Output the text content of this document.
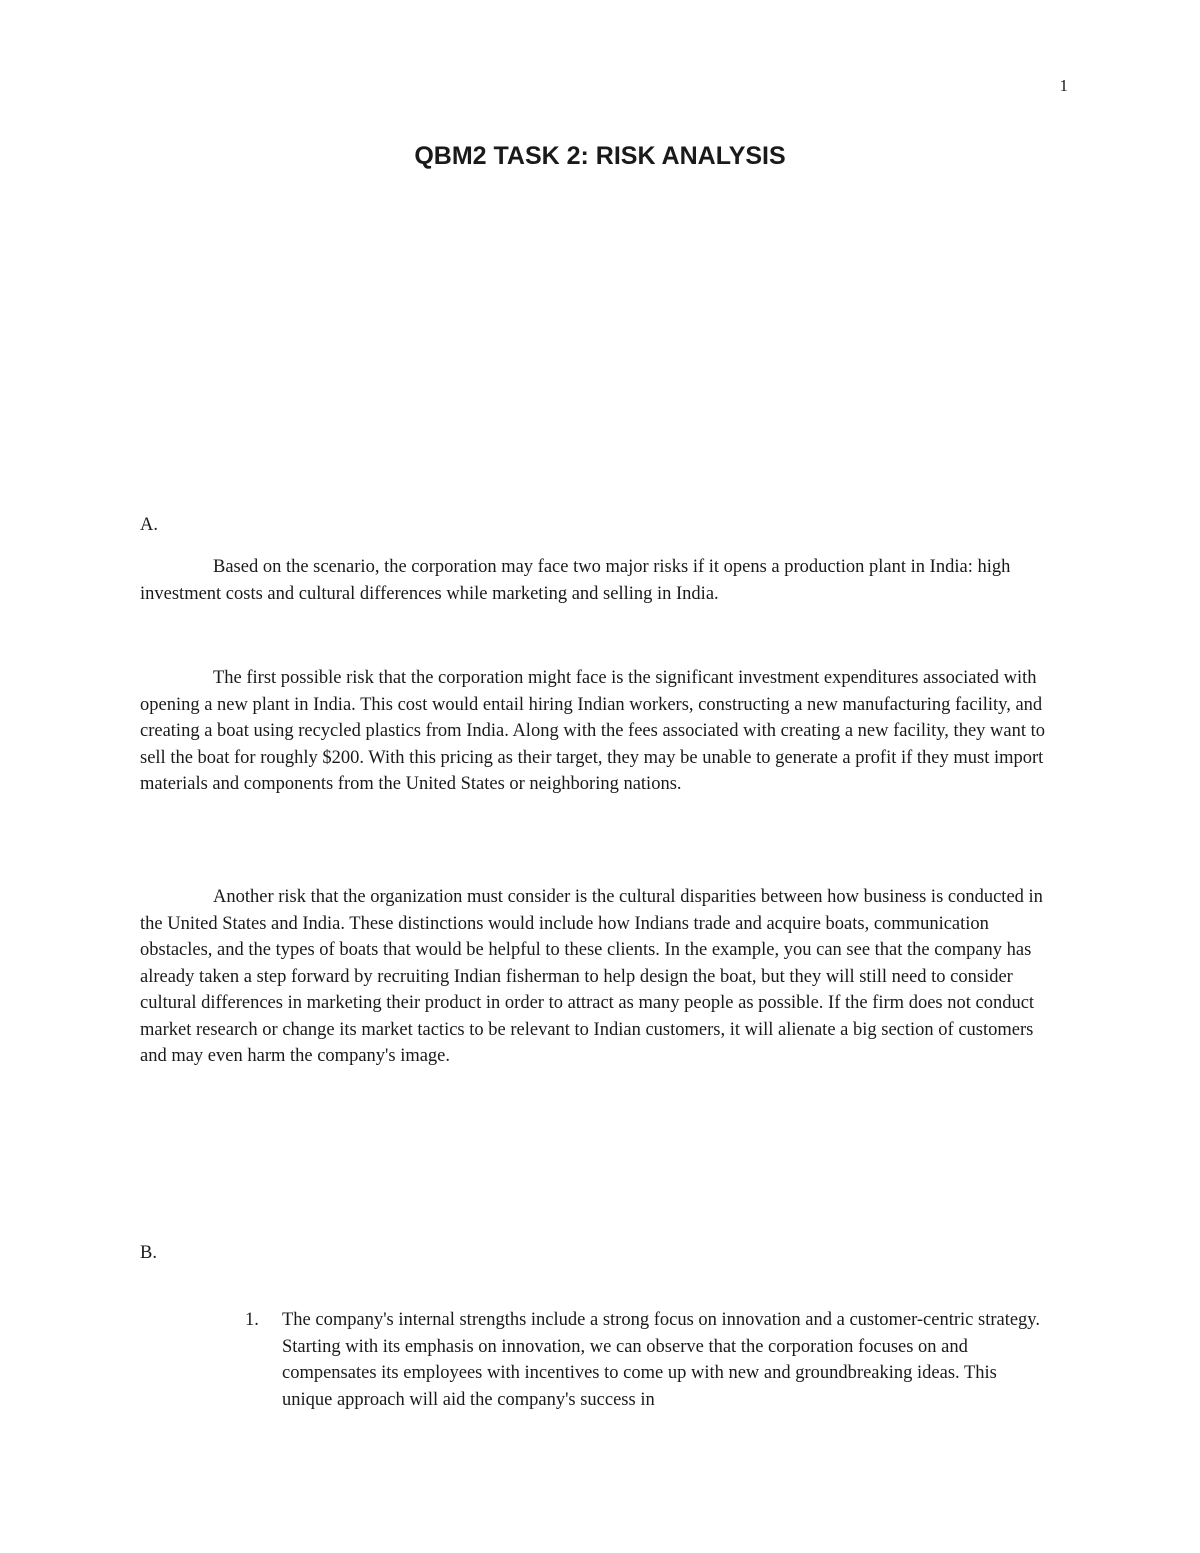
1
QBM2 TASK 2: RISK ANALYSIS

A.

Based on the scenario, the corporation may face two major risks if it opens a production plant in India: high investment costs and cultural differences while marketing and selling in India.

The first possible risk that the corporation might face is the significant investment expenditures associated with opening a new plant in India. This cost would entail hiring Indian workers, constructing a new manufacturing facility, and creating a boat using recycled plastics from India. Along with the fees associated with creating a new facility, they want to sell the boat for roughly $200. With this pricing as their target, they may be unable to generate a profit if they must import materials and components from the United States or neighboring nations.

Another risk that the organization must consider is the cultural disparities between how business is conducted in the United States and India. These distinctions would include how Indians trade and acquire boats, communication obstacles, and the types of boats that would be helpful to these clients. In the example, you can see that the company has already taken a step forward by recruiting Indian fisherman to help design the boat, but they will still need to consider cultural differences in marketing their product in order to attract as many people as possible. If the firm does not conduct market research or change its market tactics to be relevant to Indian customers, it will alienate a big section of customers and may even harm the company's image.

B.

1. The company's internal strengths include a strong focus on innovation and a customer-centric strategy. Starting with its emphasis on innovation, we can observe that the corporation focuses on and compensates its employees with incentives to come up with new and groundbreaking ideas. This unique approach will aid the company's success in
